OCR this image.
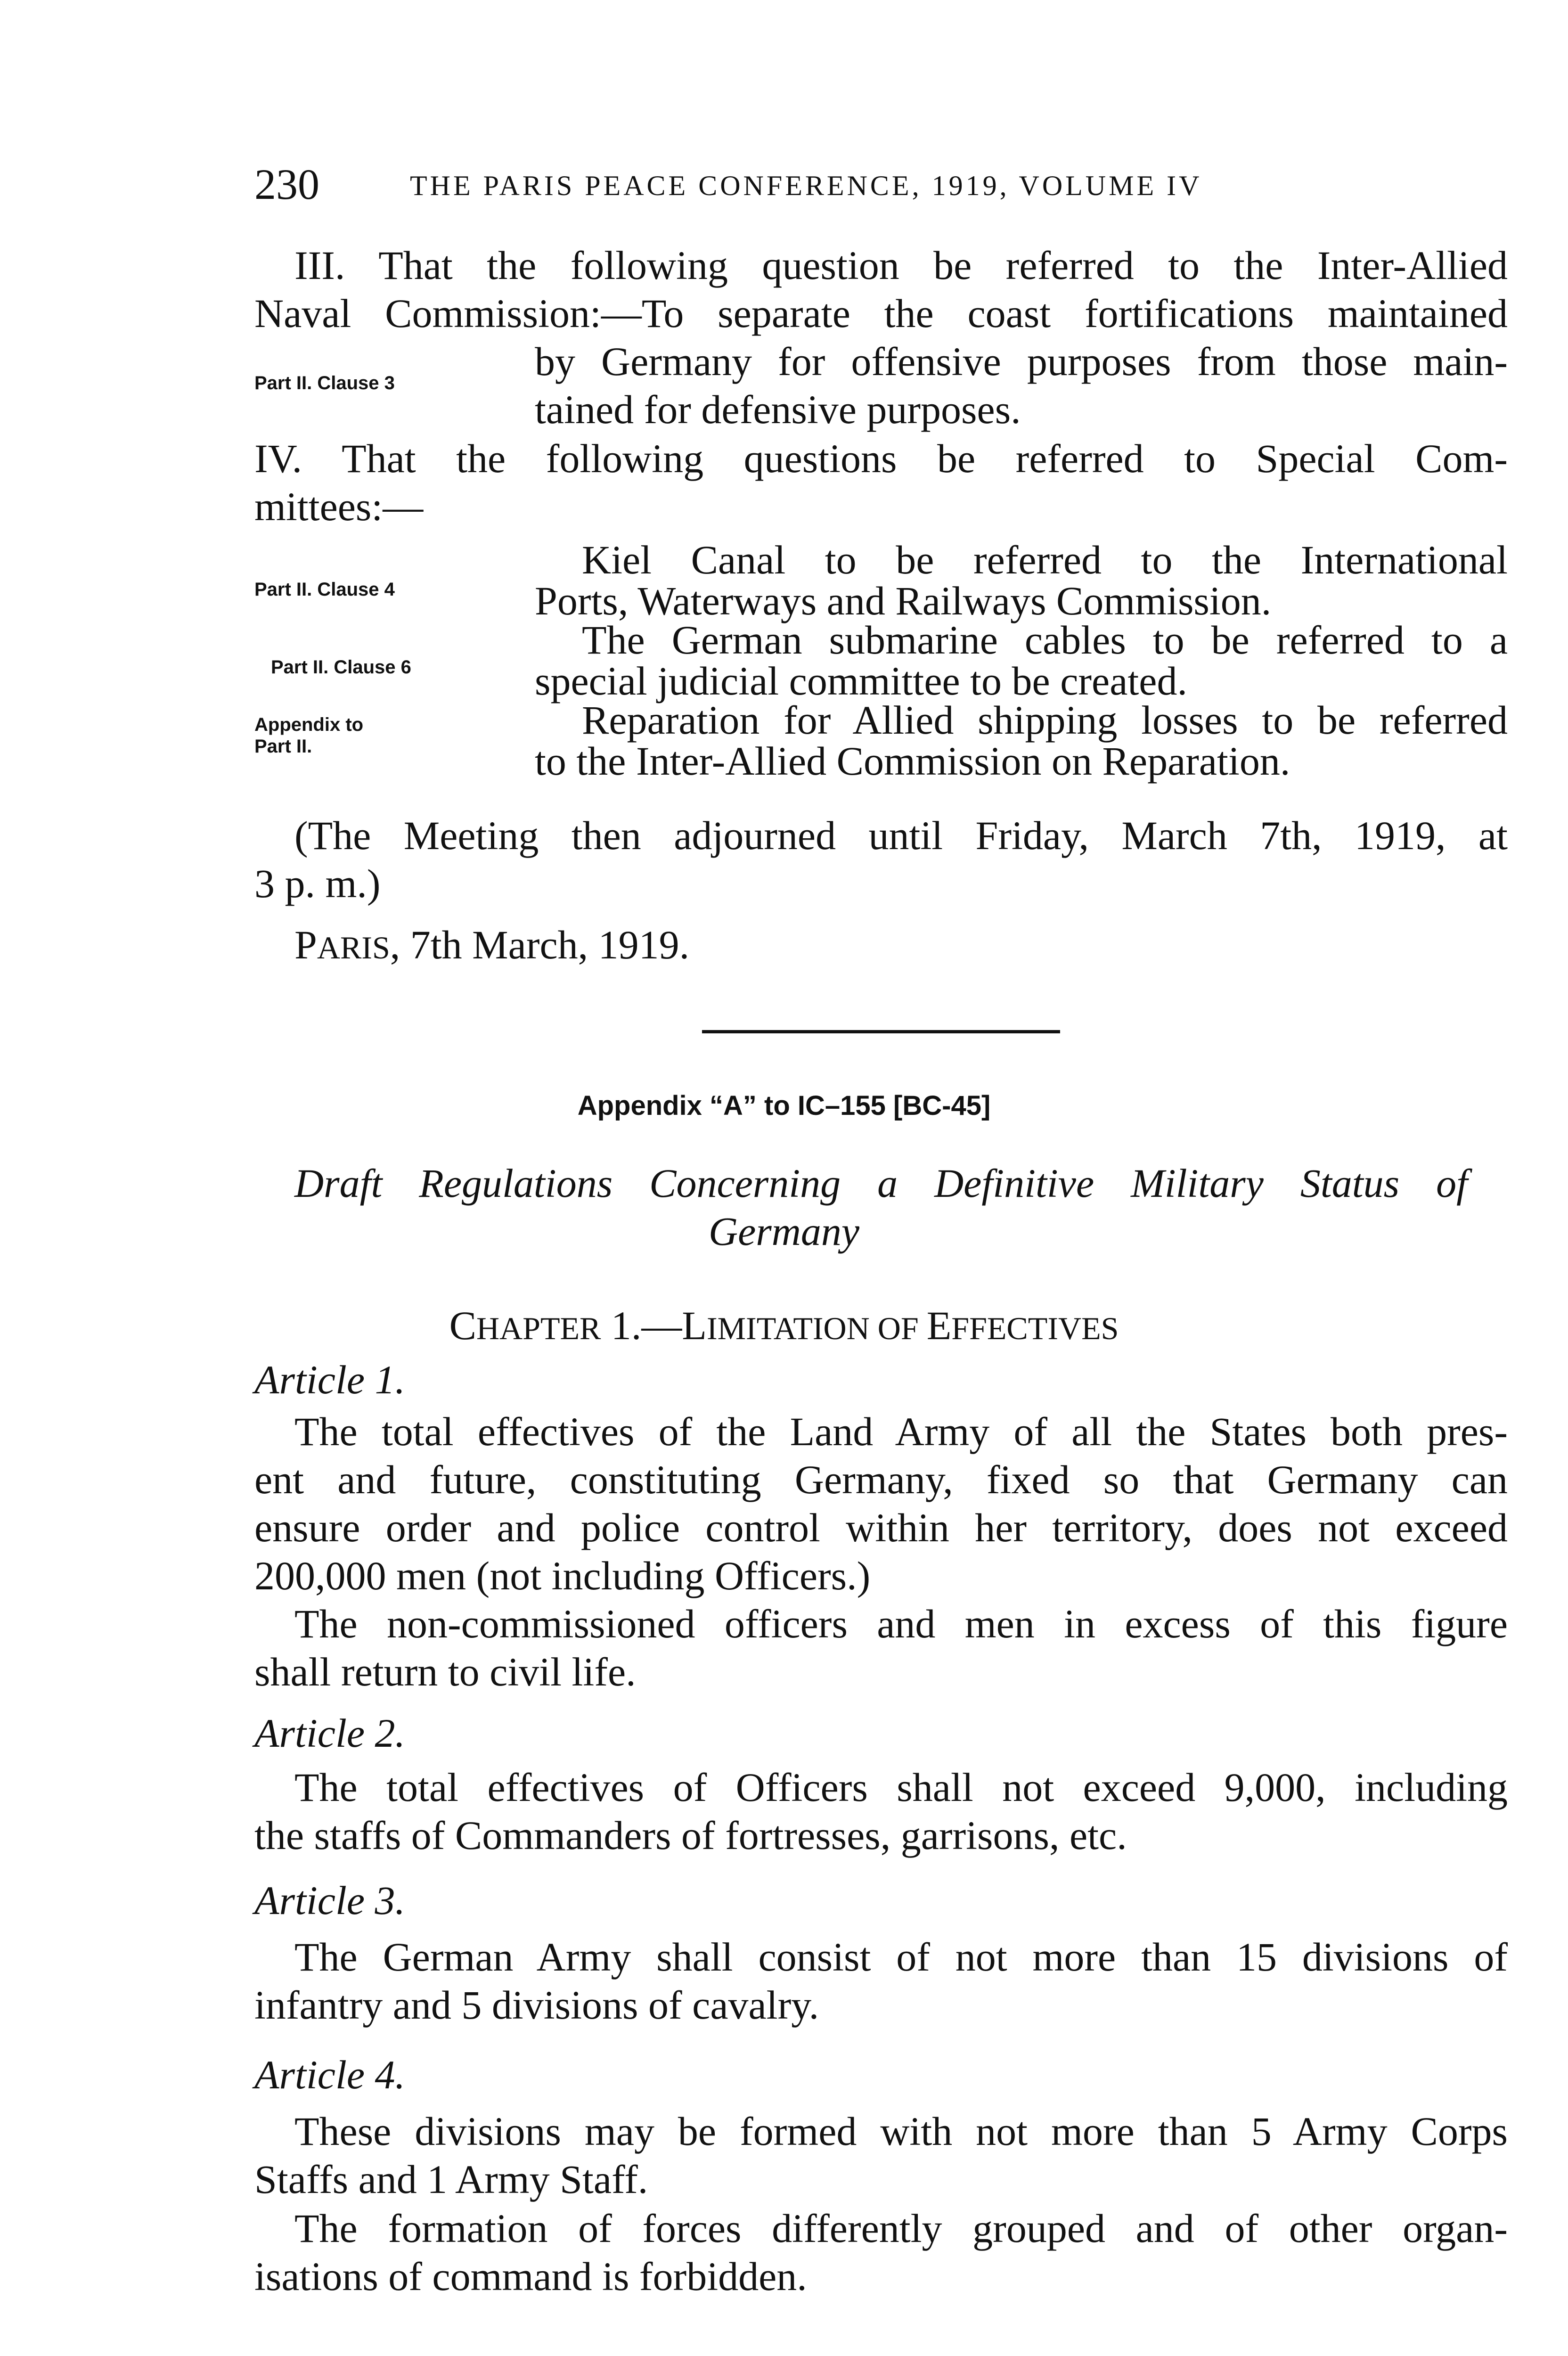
230	THE PARIS PEACE CONFERENCE, 1919, VOLUME IV
III. That the following question be referred to the Inter-Allied
Naval Commission:—To separate the coast fortifications maintained
Part II. Clause 3	by Germany for offensive purposes from those main-
tained for defensive purposes.
IV. That the following questions be referred to Special Com-
mittees:—
Part II. Clause 4
Kiel Canal to be referred to the International
Ports, Waterways and Railways Commission.
Part II. Clause 6
The German submarine cables to be referred to a
special judicial committee to be created.
Appendix to
Part II.
Reparation for Allied shipping losses to be referred
to the Inter-Allied Commission on Reparation.
(The Meeting then adjourned until Friday, March 7th, 1919, at
3 p. m.)
PARIS, 7th March, 1919.
Appendix “A” to IC–155 [BC-45]
Draft Regulations Concerning a Definitive Military Status of
Germany
CHAPTER 1.—LIMITATION OF EFFECTIVES
Article 1.
The total effectives of the Land Army of all the States both pres-
ent and future, constituting Germany, fixed so that Germany can
ensure order and police control within her territory, does not exceed
200,000 men (not including Officers.)
The non-commissioned officers and men in excess of this figure
shall return to civil life.
Article 2.
The total effectives of Officers shall not exceed 9,000, including
the staffs of Commanders of fortresses, garrisons, etc.
Article 3.
The German Army shall consist of not more than 15 divisions of
infantry and 5 divisions of cavalry.
Article 4.
These divisions may be formed with not more than 5 Army Corps
Staffs and 1 Army Staff.
The formation of forces differently grouped and of other organ-
isations of command is forbidden.
